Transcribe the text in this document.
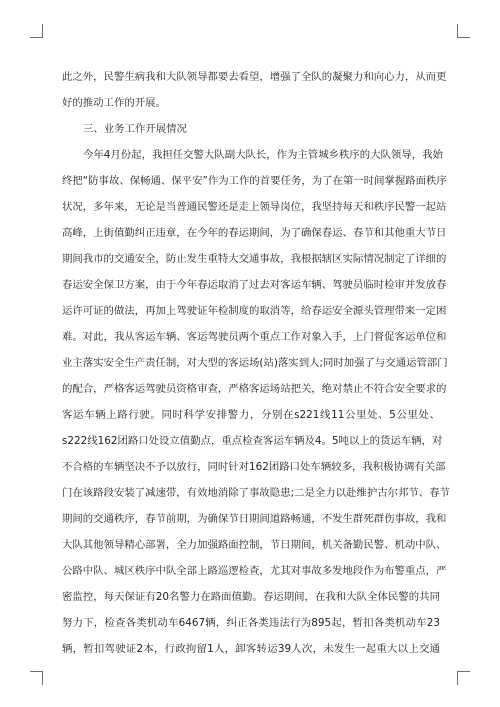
此之外，民警生病我和大队领导都要去看望，增强了全队的凝聚力和向心力，从而更
好的推动工作的开展。
三、业务工作开展情况
今年4月份起，我担任交警大队副大队长，作为主管城乡秩序的大队领导，我始
终把“防事故、保畅通、保平安”作为工作的首要任务，为了在第一时间掌握路面秩序
状况，多年来，无论是当普通民警还是走上领导岗位，我坚持每天和秩序民警一起站
高峰，上街值勤纠正违章，在今年的春运期间，为了确保春运、春节和其他重大节日
期间我市的交通安全，防止发生重特大交通事故，我根据辖区实际情况制定了详细的
春运安全保卫方案，由于今年春运取消了过去对客运车辆、驾驶员临时检审并发放春
运许可证的做法，再加上驾驶证年检制度的取消等，给春运安全源头管理带来一定困
难。对此，我从客运车辆、客运驾驶员两个重点工作对象入手，上门督促客运单位和
业主落实安全生产责任制，对大型的客运场(站)落实到人;同时加强了与交通运管部门
的配合，严格客运驾驶员资格审查，严格客运场站把关，绝对禁止不符合安全要求的
客运车辆上路行驶。同时科学安排警力，分别在s221线11公里处、5公里处、
s222线162团路口处设立值勤点，重点检查客运车辆及4。5吨以上的货运车辆，对
不合格的车辆坚决不予以放行，同时针对162团路口处车辆较多，我积极协调有关部
门在该路段安装了减速带，有效地消除了事故隐患;二是全力以赴维护古尔邦节、春节
期间的交通秩序，春节前期，为确保节日期间道路畅通，不发生群死群伤事故，我和
大队其他领导精心部署，全力加强路面控制，节日期间，机关备勤民警、机动中队、
公路中队、城区秩序中队全部上路巡逻检查，尤其对事故多发地段作为布警重点，严
密监控，每天保证有20名警力在路面值勤。春运期间，在我和大队全体民警的共同
努力下，检查各类机动车6467辆，纠正各类违法行为895起，暂扣各类机动车23
辆，暂扣驾驶证2本，行政拘留1人，卸客转运39人次，未发生一起重大以上交通
